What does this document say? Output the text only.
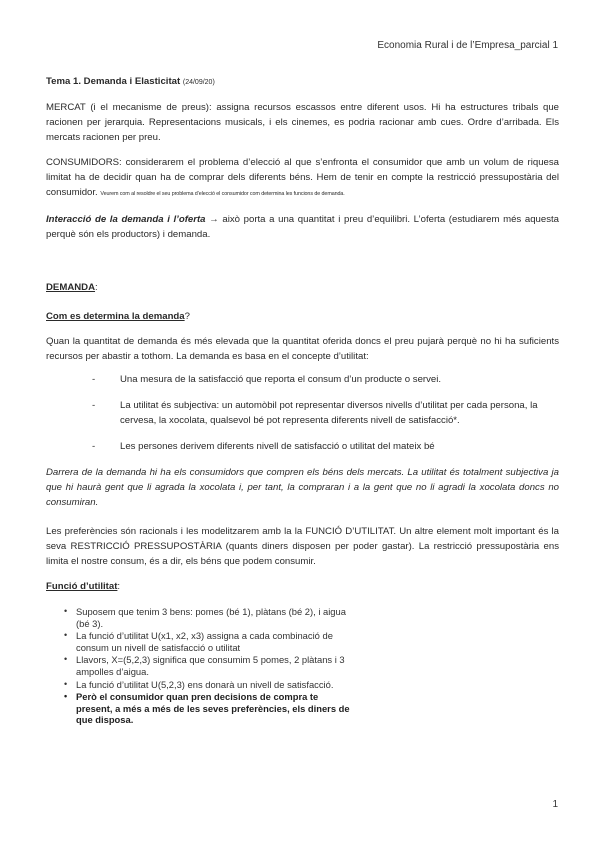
Economia Rural i de l’Empresa_parcial 1

Tema 1. Demanda i Elasticitat (24/09/20)

MERCAT (i el mecanisme de preus): assigna recursos escassos entre diferent usos. Hi ha estructures tribals que racionen per jerarquia. Representacions musicals, i els cinemes, es podria racionar amb cues. Ordre d’arribada. Els mercats racionen per preu.

CONSUMIDORS: considerarem el problema d’elecció al que s’enfronta el consumidor que amb un volum de riquesa limitat ha de decidir quan ha de comprar dels diferents béns. Hem de tenir en compte la restricció pressupostària del consumidor. Veurem com al resoldre el seu problema d’elecció el consumidor com determina les funcions de demanda.

Interacció de la demanda i l’oferta → això porta a una quantitat i preu d’equilibri. L’oferta (estudiarem més aquesta perquè són els productors) i demanda.

DEMANDA:

Com es determina la demanda?

Quan la quantitat de demanda és més elevada que la quantitat oferida doncs el preu pujarà perquè no hi ha suficients recursos per abastir a tothom. La demanda es basa en el concepte d’utilitat:

-	Una mesura de la satisfacció que reporta el consum d’un producte o servei.
-	La utilitat és subjectiva: un automòbil pot representar diversos nivells d’utilitat per cada persona, la cervesa, la xocolata, qualsevol bé pot representa diferents nivell de satisfacció*.
-	Les persones derivem diferents nivell de satisfacció o utilitat del mateix bé

Darrera de la demanda hi ha els consumidors que compren els béns dels mercats. La utilitat és totalment subjectiva ja que hi haurà gent que li agrada la xocolata i, per tant, la compraran i a la gent que no li agradi la xocolata doncs no consumiran.

Les preferències són racionals i les modelitzarem amb la la FUNCIÓ D’UTILITAT. Un altre element molt important és la seva RESTRICCIÓ PRESSUPOSTÀRIA (quants diners disposen per poder gastar). La restricció pressupostària ens limita el nostre consum, és a dir, els béns que podem consumir.

Funció d’utilitat:

• Suposem que tenim 3 bens: pomes (bé 1), plàtans (bé 2), i aigua (bé 3).
• La funció d’utilitat U(x1, x2, x3) assigna a cada combinació de consum un nivell de satisfacció o utilitat
• Llavors, X=(5,2,3) significa que consumim 5 pomes, 2 plàtans i 3 ampolles d’aigua.
• La funció d’utilitat U(5,2,3) ens donarà un nivell de satisfacció.
• Però el consumidor quan pren decisions de compra te present, a més a més de les seves preferències, els diners de que disposa.
1
